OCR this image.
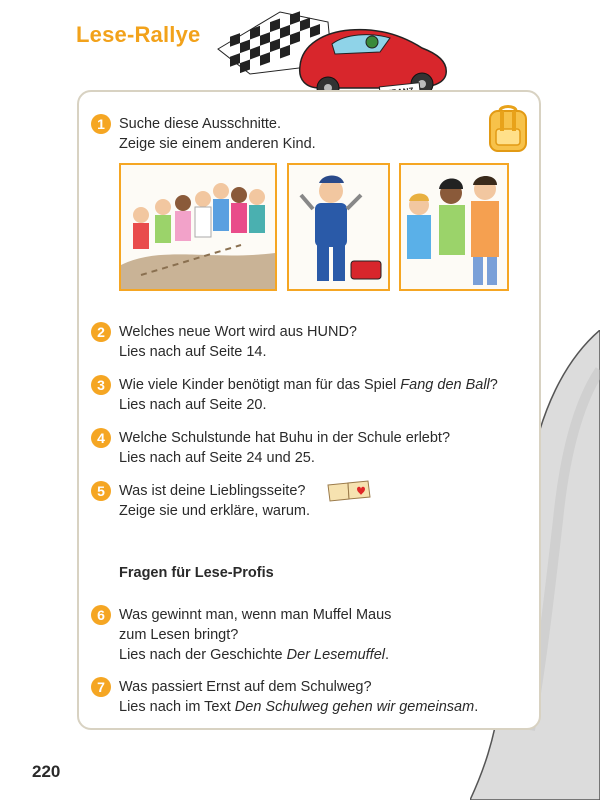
Lese-Rallye
1 Suche diese Ausschnitte.
Zeige sie einem anderen Kind.
2 Welches neue Wort wird aus HUND?
Lies nach auf Seite 14.
3 Wie viele Kinder benötigt man für das Spiel Fang den Ball?
Lies nach auf Seite 20.
4 Welche Schulstunde hat Buhu in der Schule erlebt?
Lies nach auf Seite 24 und 25.
5 Was ist deine Lieblingsseite?
Zeige sie und erkläre, warum.
Fragen für Lese-Profis
6 Was gewinnt man, wenn man Muffel Maus
zum Lesen bringt?
Lies nach der Geschichte Der Lesemuffel.
7 Was passiert Ernst auf dem Schulweg?
Lies nach im Text Den Schulweg gehen wir gemeinsam.
220
